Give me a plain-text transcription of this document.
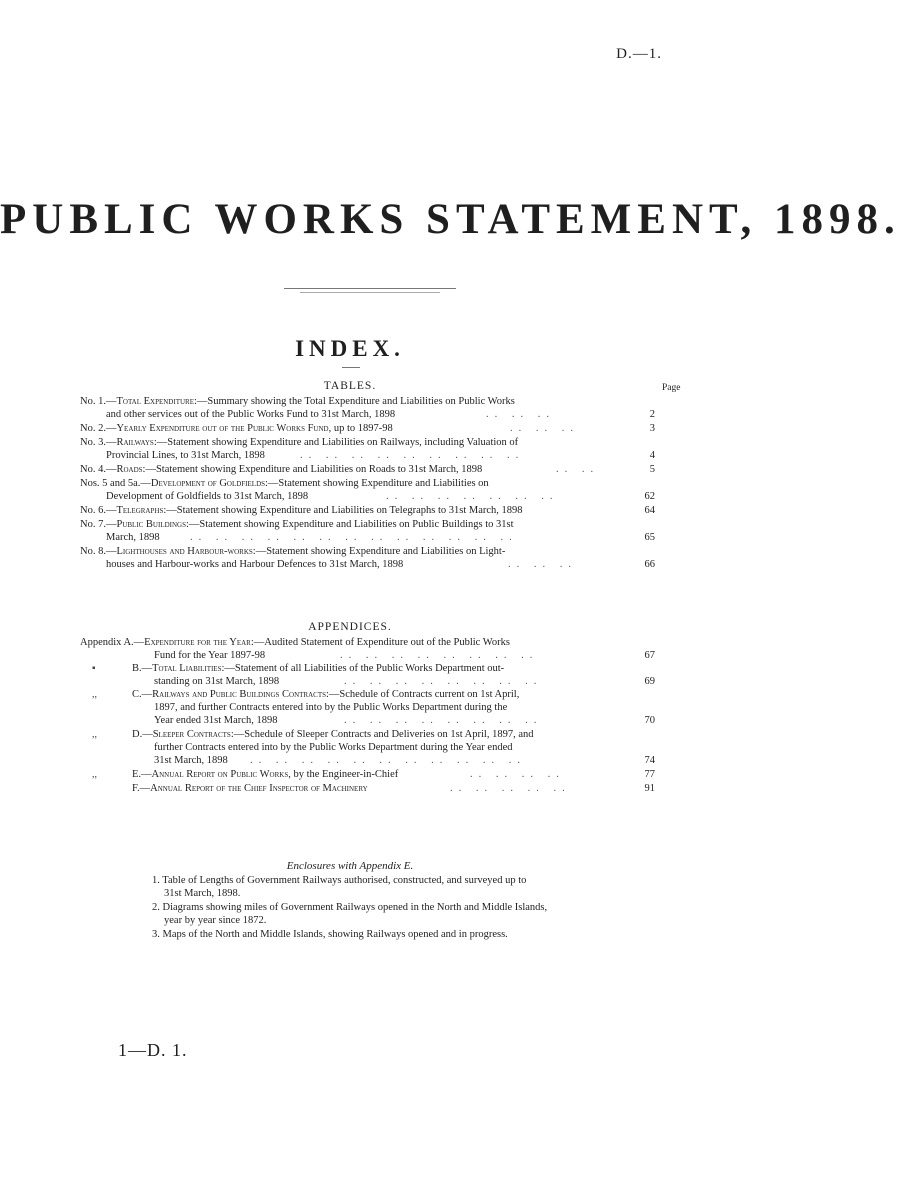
D.—1.
PUBLIC WORKS STATEMENT, 1898.
INDEX.
TABLES.	Page
No. 1.—Total Expenditure:—Summary showing the Total Expenditure and Liabilities on Public Works
and other services out of the Public Works Fund to 31st March, 1898	.. .. ..	2
No. 2.—Yearly Expenditure out of the Public Works Fund, up to 1897-98	.. .. ..	3
No. 3.—Railways:—Statement showing Expenditure and Liabilities on Railways, including Valuation of
Provincial Lines, to 31st March, 1898	.. .. .. .. .. .. .. .. ..	4
No. 4.—Roads:—Statement showing Expenditure and Liabilities on Roads to 31st March, 1898	.. ..	5
Nos. 5 and 5a.—Development of Goldfields:—Statement showing Expenditure and Liabilities on
Development of Goldfields to 31st March, 1898	.. .. .. .. .. .. ..	62
No. 6.—Telegraphs:—Statement showing Expenditure and Liabilities on Telegraphs to 31st March, 1898	64
No. 7.—Public Buildings:—Statement showing Expenditure and Liabilities on Public Buildings to 31st
March, 1898	.. .. .. .. .. .. .. .. .. .. .. .. ..	65
No. 8.—Lighthouses and Harbour-works:—Statement showing Expenditure and Liabilities on Light-
houses and Harbour-works and Harbour Defences to 31st March, 1898	.. .. ..	66
APPENDICES.
Appendix A.—Expenditure for the Year:—Audited Statement of Expenditure out of the Public Works
Fund for the Year 1897-98	.. .. .. .. .. .. .. ..	67
▪	B.—Total Liabilities:—Statement of all Liabilities of the Public Works Department out-
standing on 31st March, 1898	.. .. .. .. .. .. .. ..	69
,,	C.—Railways and Public Buildings Contracts:—Schedule of Contracts current on 1st April,
1897, and further Contracts entered into by the Public Works Department during the
Year ended 31st March, 1898	.. .. .. .. .. .. .. ..	70
,,	D.—Sleeper Contracts:—Schedule of Sleeper Contracts and Deliveries on 1st April, 1897, and
further Contracts entered into by the Public Works Department during the Year ended
31st March, 1898 .. .. .. .. .. .. .. .. .. .. ..	74
,,	E.—Annual Report on Public Works, by the Engineer-in-Chief	.. .. .. ..	77
F.—Annual Report of the Chief Inspector of Machinery	.. .. .. .. ..	91
Enclosures with Appendix E.
1. Table of Lengths of Government Railways authorised, constructed, and surveyed up to
31st March, 1898.
2. Diagrams showing miles of Government Railways opened in the North and Middle Islands,
year by year since 1872.
3. Maps of the North and Middle Islands, showing Railways opened and in progress.
1—D. 1.
